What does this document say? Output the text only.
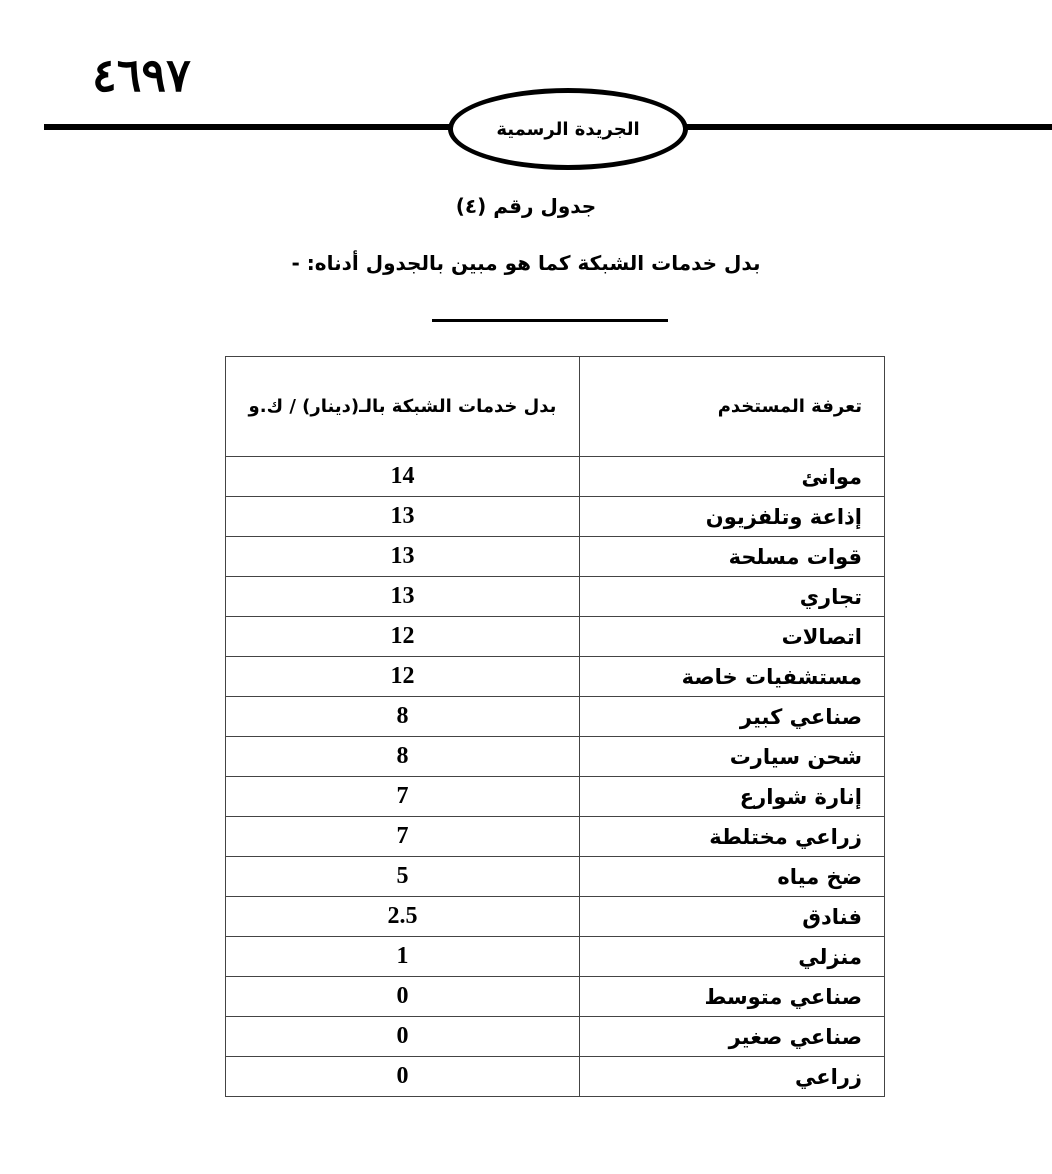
٤٦٩٧
الجريدة الرسمية
جدول رقم (٤)
بدل خدمات الشبكة كما هو مبين بالجدول أدناه: -
تعرفة المستخدم	بدل خدمات الشبكة بالـ(دينار) / ك.و
موانئ	14
إذاعة وتلفزيون	13
قوات مسلحة	13
تجاري	13
اتصالات	12
مستشفيات خاصة	12
صناعي كبير	8
شحن سيارت	8
إنارة شوارع	7
زراعي مختلطة	7
ضخ مياه	5
فنادق	2.5
منزلي	1
صناعي متوسط	0
صناعي صغير	0
زراعي	0
